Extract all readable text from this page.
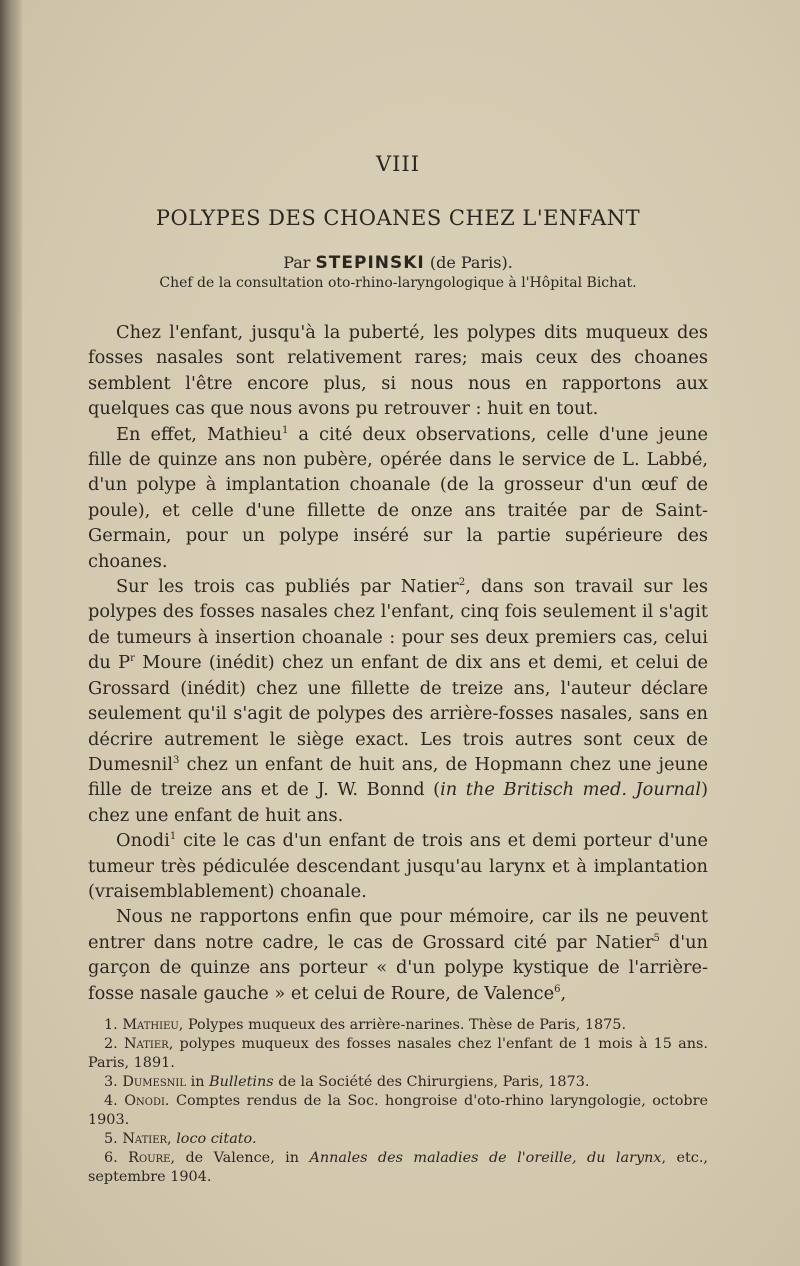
VIII
POLYPES DES CHOANES CHEZ L'ENFANT
Par STEPINSKI (de Paris).
Chef de la consultation oto-rhino-laryngologique à l'Hôpital Bichat.

Chez l'enfant, jusqu'à la puberté, les polypes dits muqueux des fosses nasales sont relativement rares; mais ceux des choanes semblent l'être encore plus, si nous nous en rapportons aux quelques cas que nous avons pu retrouver : huit en tout.

En effet, Mathieu$^1$ a cité deux observations, celle d'une jeune fille de quinze ans non pubère, opérée dans le service de L. Labbé, d'un polype à implantation choanale (de la grosseur d'un œuf de poule), et celle d'une fillette de onze ans traitée par de Saint-Germain, pour un polype inséré sur la partie supérieure des choanes.

Sur les trois cas publiés par Natier$^2$, dans son travail sur les polypes des fosses nasales chez l'enfant, cinq fois seulement il s'agit de tumeurs à insertion choanale : pour ses deux premiers cas, celui du $P^r$ Moure (inédit) chez un enfant de dix ans et demi, et celui de Grossard (inédit) chez une fillette de treize ans, l'auteur déclare seulement qu'il s'agit de polypes des arrière-fosses nasales, sans en décrire autrement le siège exact. Les trois autres sont ceux de Dumesnil$^3$ chez un enfant de huit ans, de Hopmann chez une jeune fille de treize ans et de J. W. Bonnd (in the Britisch med. Journal) chez une enfant de huit ans.

Onodi$^1$ cite le cas d'un enfant de trois ans et demi porteur d'une tumeur très pédiculée descendant jusqu'au larynx et à implantation (vraisemblablement) choanale.

Nous ne rapportons enfin que pour mémoire, car ils ne peuvent entrer dans notre cadre, le cas de Grossard cité par Natier$^5$ d'un garçon de quinze ans porteur « d'un polype kystique de l'arrière-fosse nasale gauche » et celui de Roure, de Valence$^6$,

1. Mathieu, Polypes muqueux des arrière-narines. Thèse de Paris, 1875.

2. Natier, polypes muqueux des fosses nasales chez l'enfant de 1 mois à 15 ans. Paris, 1891.

3. Dumesnil in Bulletins de la Société des Chirurgiens, Paris, 1873.

4. Onodi. Comptes rendus de la Soc. hongroise d'oto-rhino laryngologie, octobre 1903.

5. Natier, loco citato.

6. Roure, de Valence, in Annales des maladies de l'oreille, du larynx, etc., septembre 1904.
